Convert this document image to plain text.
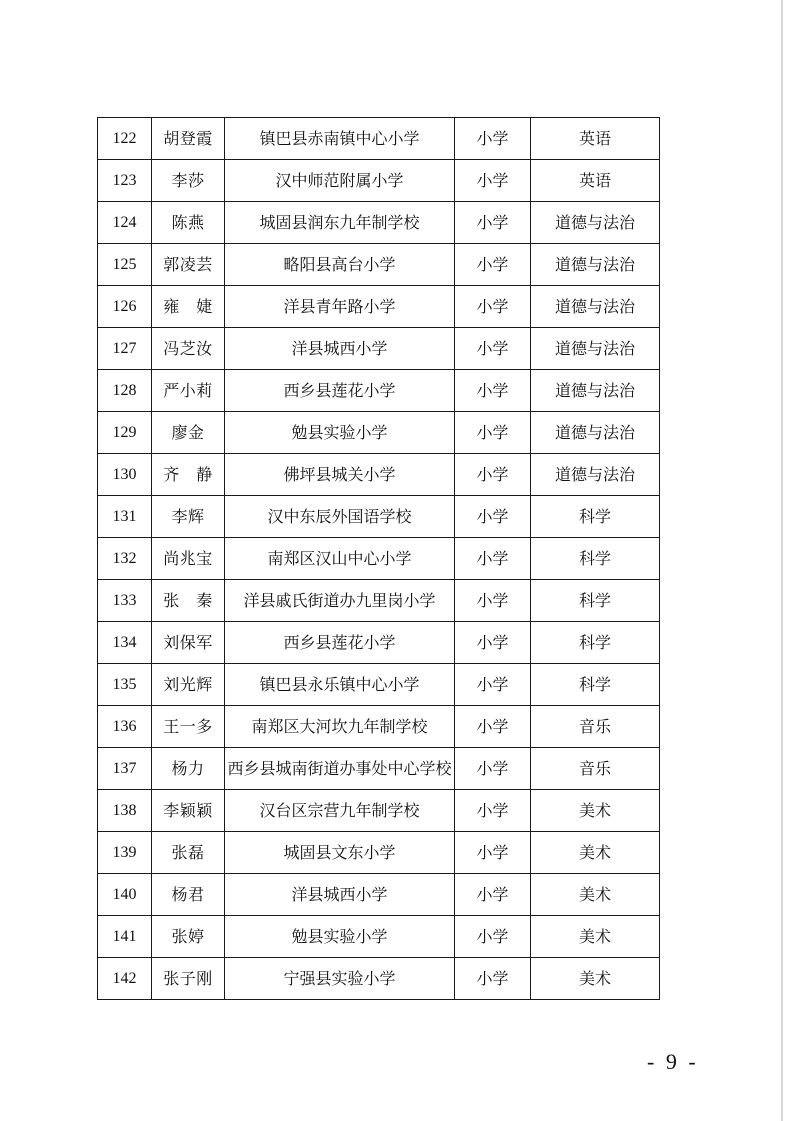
122	胡登霞	镇巴县赤南镇中心小学	小学	英语
123	李莎	汉中师范附属小学	小学	英语
124	陈燕	城固县润东九年制学校	小学	道德与法治
125	郭凌芸	略阳县高台小学	小学	道德与法治
126	雍　婕	洋县青年路小学	小学	道德与法治
127	冯芝汝	洋县城西小学	小学	道德与法治
128	严小莉	西乡县莲花小学	小学	道德与法治
129	廖金	勉县实验小学	小学	道德与法治
130	齐　静	佛坪县城关小学	小学	道德与法治
131	李辉	汉中东辰外国语学校	小学	科学
132	尚兆宝	南郑区汉山中心小学	小学	科学
133	张　秦	洋县戚氏街道办九里岗小学	小学	科学
134	刘保军	西乡县莲花小学	小学	科学
135	刘光辉	镇巴县永乐镇中心小学	小学	科学
136	王一多	南郑区大河坎九年制学校	小学	音乐
137	杨力	西乡县城南街道办事处中心学校	小学	音乐
138	李颖颖	汉台区宗营九年制学校	小学	美术
139	张磊	城固县文东小学	小学	美术
140	杨君	洋县城西小学	小学	美术
141	张婷	勉县实验小学	小学	美术
142	张子刚	宁强县实验小学	小学	美术
- 9 -
